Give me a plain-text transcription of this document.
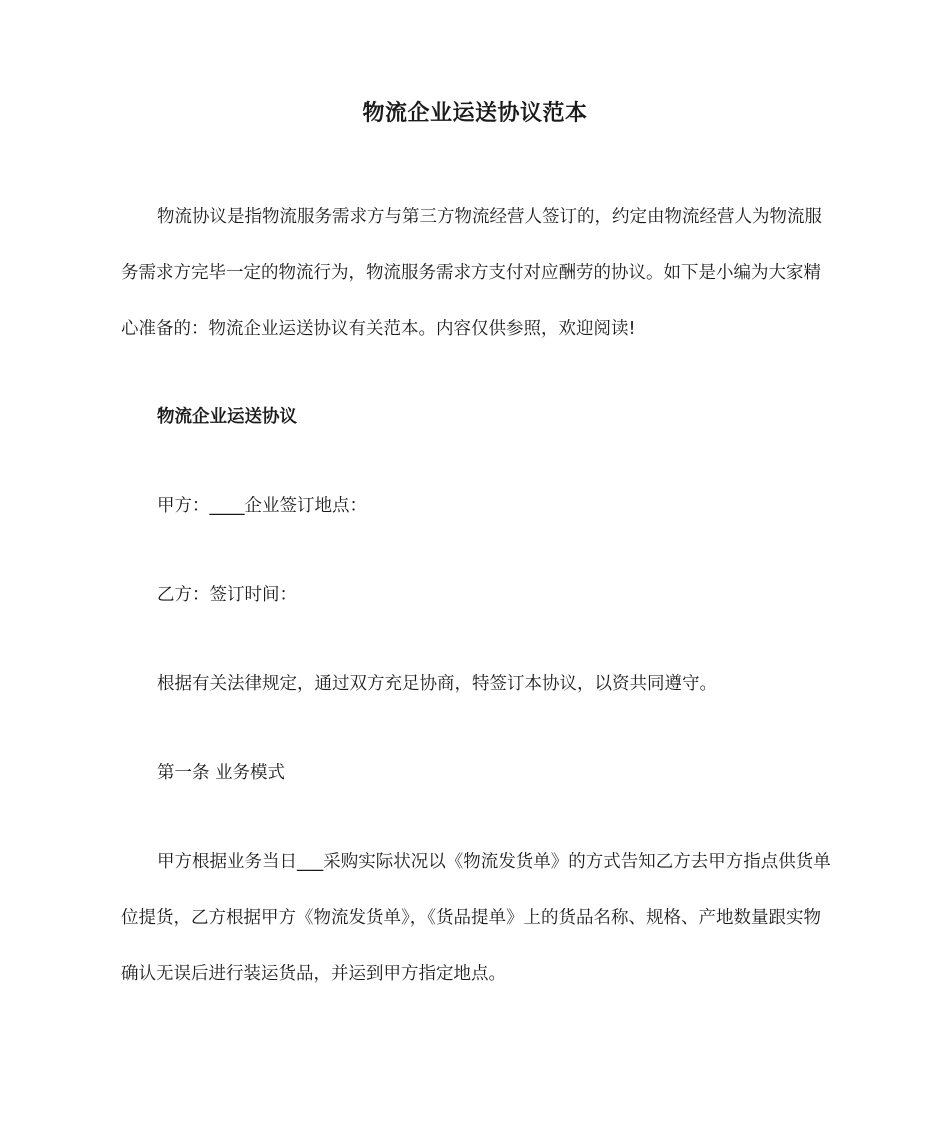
物流企业运送协议范本

物流协议是指物流服务需求方与第三方物流经营人签订的，约定由物流经营人为物流服务需求方完毕一定的物流行为，物流服务需求方支付对应酬劳的协议。如下是小编为大家精心准备的：物流企业运送协议有关范本。内容仅供参照，欢迎阅读!

物流企业运送协议
甲方：____企业签订地点：
乙方：签订时间：
根据有关法律规定，通过双方充足协商，特签订本协议，以资共同遵守。
第一条 业务模式

甲方根据业务当日___采购实际状况以《物流发货单》的方式告知乙方去甲方指点供货单位提货，乙方根据甲方《物流发货单》，《货品提单》上的货品名称、规格、产地数量跟实物确认无误后进行装运货品，并运到甲方指定地点。
